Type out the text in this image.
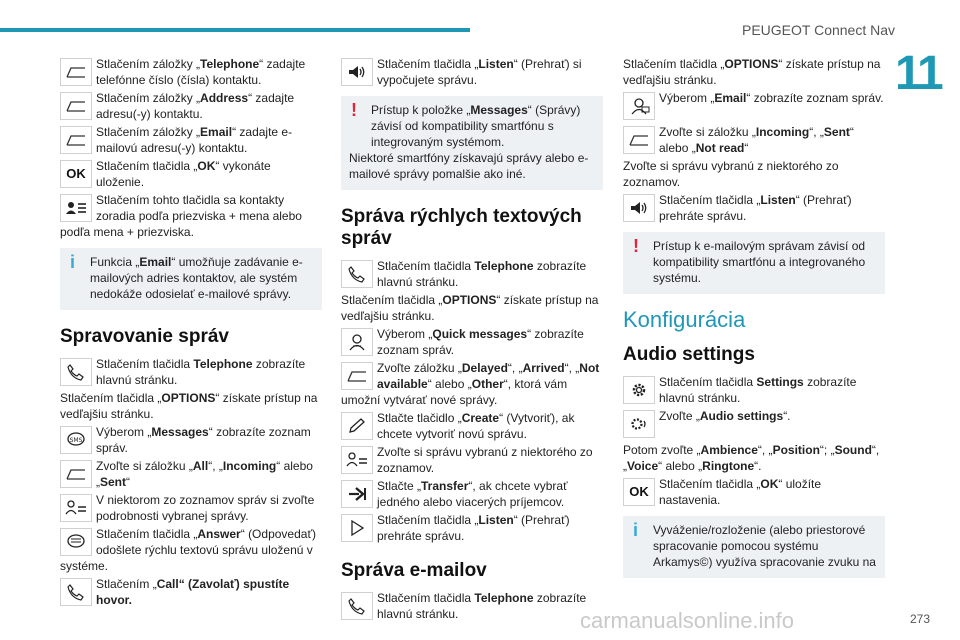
PEUGEOT Connect Nav
11
273
carmanualsonline.info
Stlačením záložky „Telephone“ zadajte telefónne číslo (čísla) kontaktu.
Stlačením záložky „Address“ zadajte adresu(-y) kontaktu.
Stlačením záložky „Email“ zadajte e-mailovú adresu(-y) kontaktu.
OK Stlačením tlačidla „OK“ vykonáte uloženie.
Stlačením tohto tlačidla sa kontakty zoradia podľa priezviska + mena alebo podľa mena + priezviska.
i Funkcia „Email“ umožňuje zadávanie e-mailových adries kontaktov, ale systém nedokáže odosielať e-mailové správy.
Spravovanie správ
Stlačením tlačidla Telephone zobrazíte hlavnú stránku.

Stlačením tlačidla „OPTIONS“ získate prístup na vedľajšiu stránku.

SMS
Výberom „Messages“ zobrazíte zoznam správ.
Zvoľte si záložku „All“, „Incoming“ alebo „Sent“
V niektorom zo zoznamov správ si zvoľte podrobnosti vybranej správy.
Stlačením tlačidla „Answer“ (Odpovedať) odošlete rýchlu textovú správu uloženú v systéme.
Stlačením „Call“ (Zavolať) spustíte hovor.
Stlačením tlačidla „Listen“ (Prehrať) si vypočujete správu.
! Prístup k položke „Messages“ (Správy) závisí od kompatibility smartfónu s integrovaným systémom.
Niektoré smartfóny získavajú správy alebo e-mailové správy pomalšie ako iné.
Správa rýchlych textových správ
Stlačením tlačidla Telephone zobrazíte hlavnú stránku.

Stlačením tlačidla „OPTIONS“ získate prístup na vedľajšiu stránku.

Výberom „Quick messages“ zobrazíte zoznam správ.
Zvoľte záložku „Delayed“, „Arrived“, „Not available“ alebo „Other“, ktorá vám umožní vytvárať nové správy.
Stlačte tlačidlo „Create“ (Vytvoriť), ak chcete vytvoriť novú správu.
Zvoľte si správu vybranú z niektorého zo zoznamov.
Stlačte „Transfer“, ak chcete vybrať jedného alebo viacerých príjemcov.
Stlačením tlačidla „Listen“ (Prehrať) prehráte správu.
Správa e-mailov
Stlačením tlačidla Telephone zobrazíte hlavnú stránku.

Stlačením tlačidla „OPTIONS“ získate prístup na vedľajšiu stránku.

Výberom „Email“ zobrazíte zoznam správ.
Zvoľte si záložku „Incoming“, „Sent“ alebo „Not read“

Zvoľte si správu vybranú z niektorého zo zoznamov.

Stlačením tlačidla „Listen“ (Prehrať) prehráte správu.
! Prístup k e-mailovým správam závisí od kompatibility smartfónu a integrovaného systému.
Konfigurácia
Audio settings
Stlačením tlačidla Settings zobrazíte hlavnú stránku.
Zvoľte „Audio settings“.

Potom zvoľte „Ambience“, „Position“; „Sound“, „Voice“ alebo „Ringtone“.

OK Stlačením tlačidla „OK“ uložíte nastavenia.
i Vyváženie/rozloženie (alebo priestorové spracovanie pomocou systému Arkamys©) využíva spracovanie zvuku na
